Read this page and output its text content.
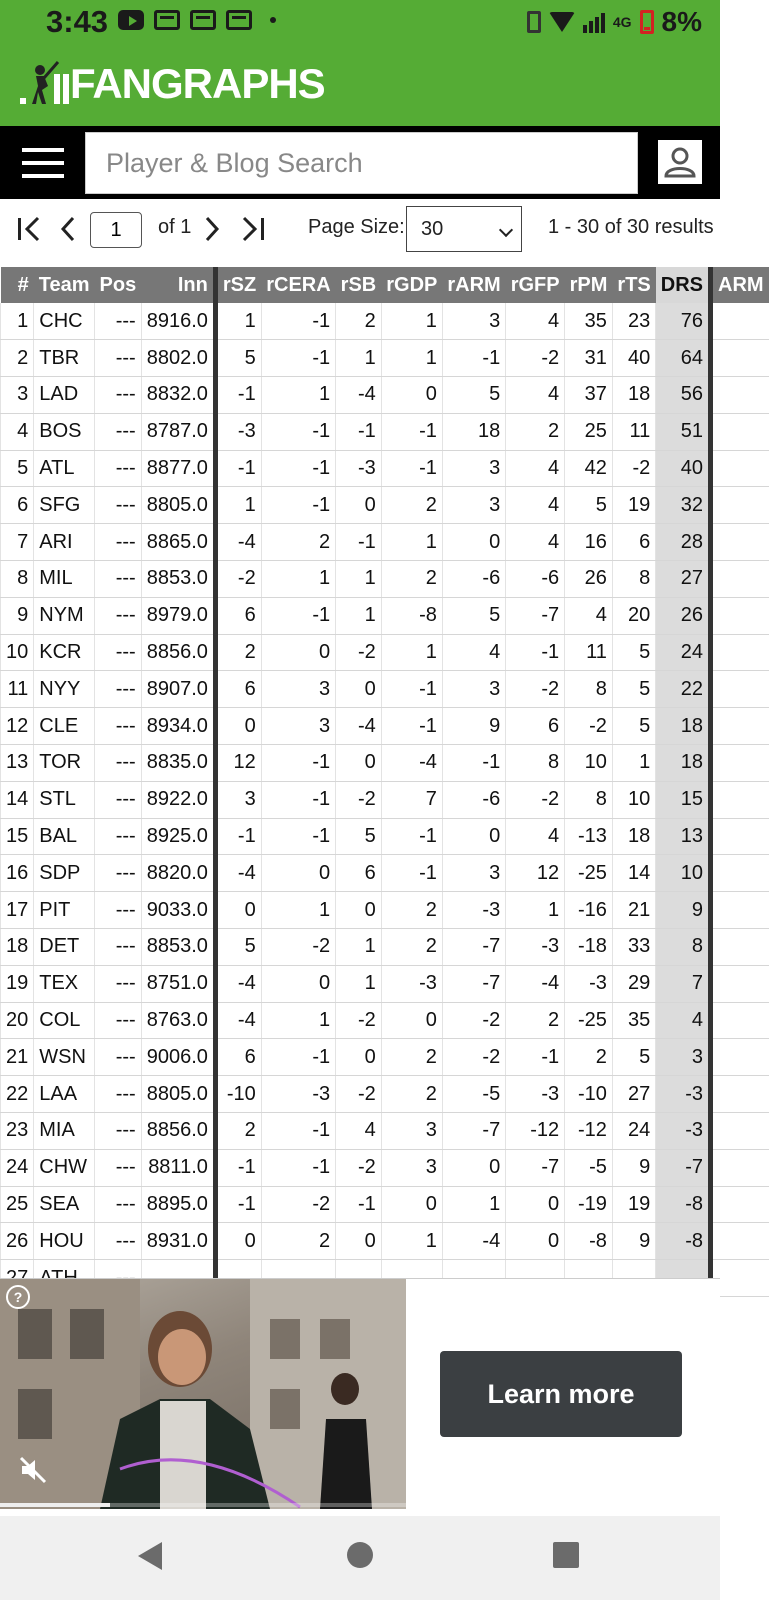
3:43	4G 8%
FANGRAPHS
Player & Blog Search
1
of 1	Page Size: 30	1 - 30 of 30 results
#	Team	Pos	Inn	rSZ	rCERA	rSB	rGDP	rARM	rGFP	rPM	rTS	DRS	ARM
1	CHC	---	8916.0	1	-1	2	1	3	4	35	23	76	
2	TBR	---	8802.0	5	-1	1	1	-1	-2	31	40	64	
3	LAD	---	8832.0	-1	1	-4	0	5	4	37	18	56	
4	BOS	---	8787.0	-3	-1	-1	-1	18	2	25	11	51	
5	ATL	---	8877.0	-1	-1	-3	-1	3	4	42	-2	40	
6	SFG	---	8805.0	1	-1	0	2	3	4	5	19	32	
7	ARI	---	8865.0	-4	2	-1	1	0	4	16	6	28	
8	MIL	---	8853.0	-2	1	1	2	-6	-6	26	8	27	
9	NYM	---	8979.0	6	-1	1	-8	5	-7	4	20	26	
10	KCR	---	8856.0	2	0	-2	1	4	-1	11	5	24	
11	NYY	---	8907.0	6	3	0	-1	3	-2	8	5	22	
12	CLE	---	8934.0	0	3	-4	-1	9	6	-2	5	18	
13	TOR	---	8835.0	12	-1	0	-4	-1	8	10	1	18	
14	STL	---	8922.0	3	-1	-2	7	-6	-2	8	10	15	
15	BAL	---	8925.0	-1	-1	5	-1	0	4	-13	18	13	
16	SDP	---	8820.0	-4	0	6	-1	3	12	-25	14	10	
17	PIT	---	9033.0	0	1	0	2	-3	1	-16	21	9	
18	DET	---	8853.0	5	-2	1	2	-7	-3	-18	33	8	
19	TEX	---	8751.0	-4	0	1	-3	-7	-4	-3	29	7	
20	COL	---	8763.0	-4	1	-2	0	-2	2	-25	35	4	
21	WSN	---	9006.0	6	-1	0	2	-2	-1	2	5	3	
22	LAA	---	8805.0	-10	-3	-2	2	-5	-3	-10	27	-3	
23	MIA	---	8856.0	2	-1	4	3	-7	-12	-12	24	-3	
24	CHW	---	8811.0	-1	-1	-2	3	0	-7	-5	9	-7	
25	SEA	---	8895.0	-1	-2	-1	0	1	0	-19	19	-8	
26	HOU	---	8931.0	0	2	0	1	-4	0	-8	9	-8	

?
Learn more
